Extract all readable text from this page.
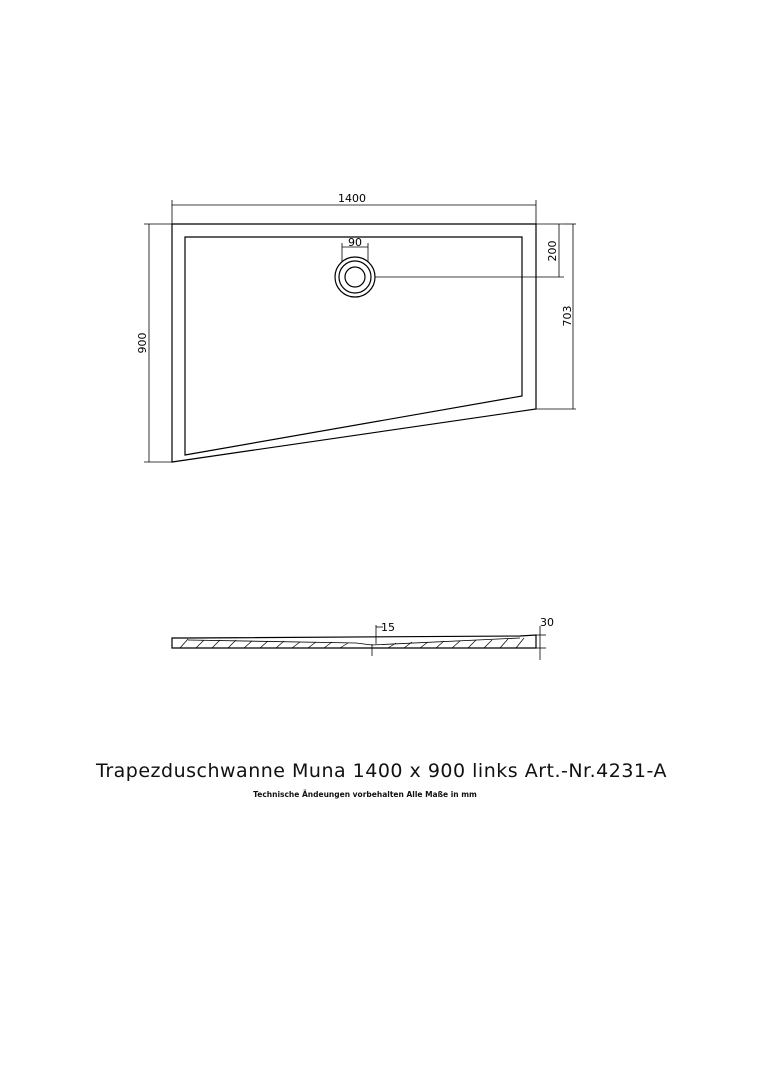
1400
900
90	200
703
15	30
Trapezduschwanne Muna 1400 x 900 links Art.-Nr.4231-A
Technische Ändeungen vorbehalten Alle Maße in mm
